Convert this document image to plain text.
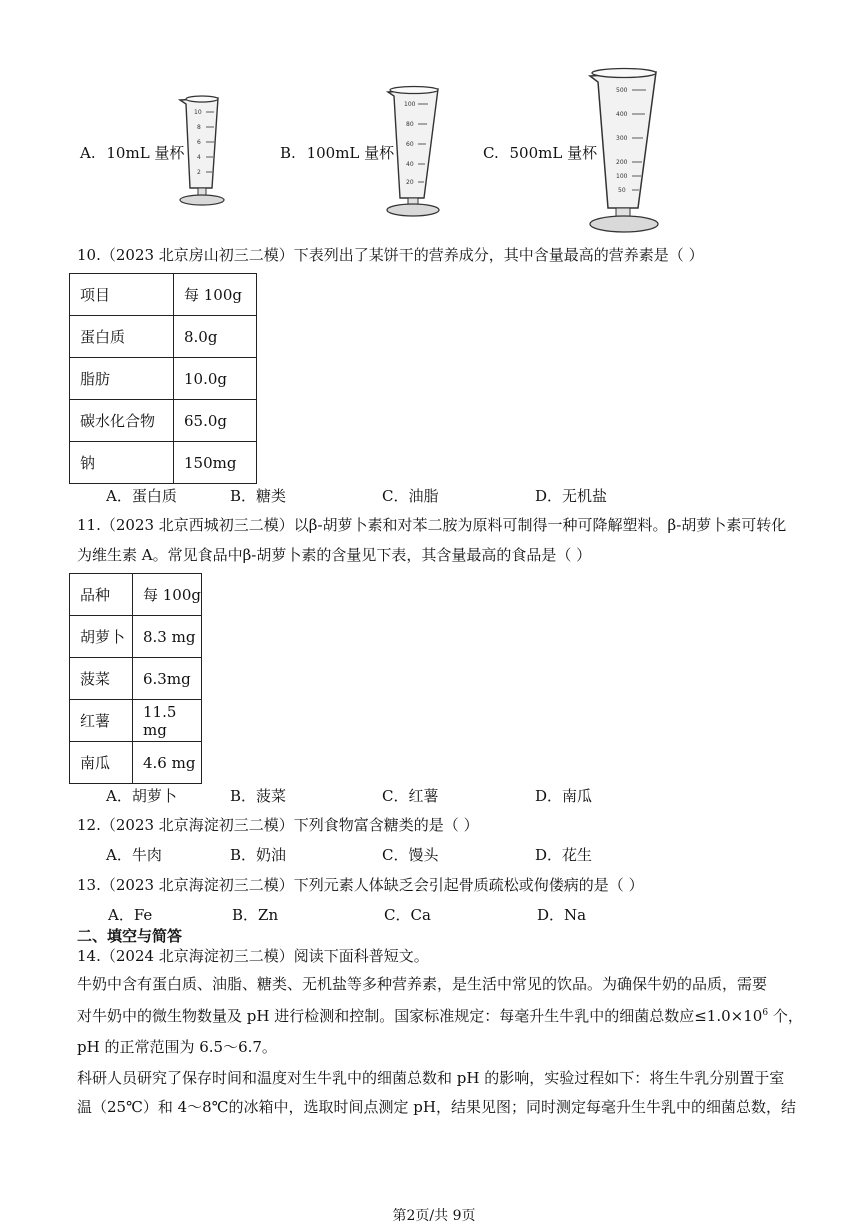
A. 10mL 量杯
10
8
6
4
2
B. 100mL 量杯
100
80
60
40
20
C. 500mL 量杯
500
400
300
200
100
50
10.（2023 北京房山初三二模）下表列出了某饼干的营养成分，其中含量最高的营养素是（ ）
项目	每 100g
蛋白质	8.0g
脂肪	10.0g
碳水化合物	65.0g
钠	150mg
A．蛋白质	B．糖类	C．油脂	D．无机盐
11.（2023 北京西城初三二模）以β-胡萝卜素和对苯二胺为原料可制得一种可降解塑料。β-胡萝卜素可转化
为维生素 A。常见食品中β-胡萝卜素的含量见下表，其含量最高的食品是（ ）
品种	每 100g
胡萝卜	8.3 mg
菠菜	6.3mg
红薯	11.5 mg
南瓜	4.6 mg
A．胡萝卜	B．菠菜	C．红薯	D．南瓜
12.（2023 北京海淀初三二模）下列食物富含糖类的是（ ）
A．牛肉	B．奶油	C．馒头	D．花生
13.（2023 北京海淀初三二模）下列元素人体缺乏会引起骨质疏松或佝偻病的是（ ）
A．Fe	B．Zn	C．Ca	D．Na
二、填空与简答
14.（2024 北京海淀初三二模）阅读下面科普短文。
牛奶中含有蛋白质、油脂、糖类、无机盐等多种营养素，是生活中常见的饮品。为确保牛奶的品质，需要
对牛奶中的微生物数量及 pH 进行检测和控制。国家标准规定：每毫升生牛乳中的细菌总数应$\le 1.0\times 10^6$ 个，
pH 的正常范围为 6.5～6.7。
科研人员研究了保存时间和温度对生牛乳中的细菌总数和 pH 的影响，实验过程如下：将生牛乳分别置于室
温（25℃）和 4～8℃的冰箱中，选取时间点测定 pH，结果见图；同时测定每毫升生牛乳中的细菌总数，结
第2页/共 9页
